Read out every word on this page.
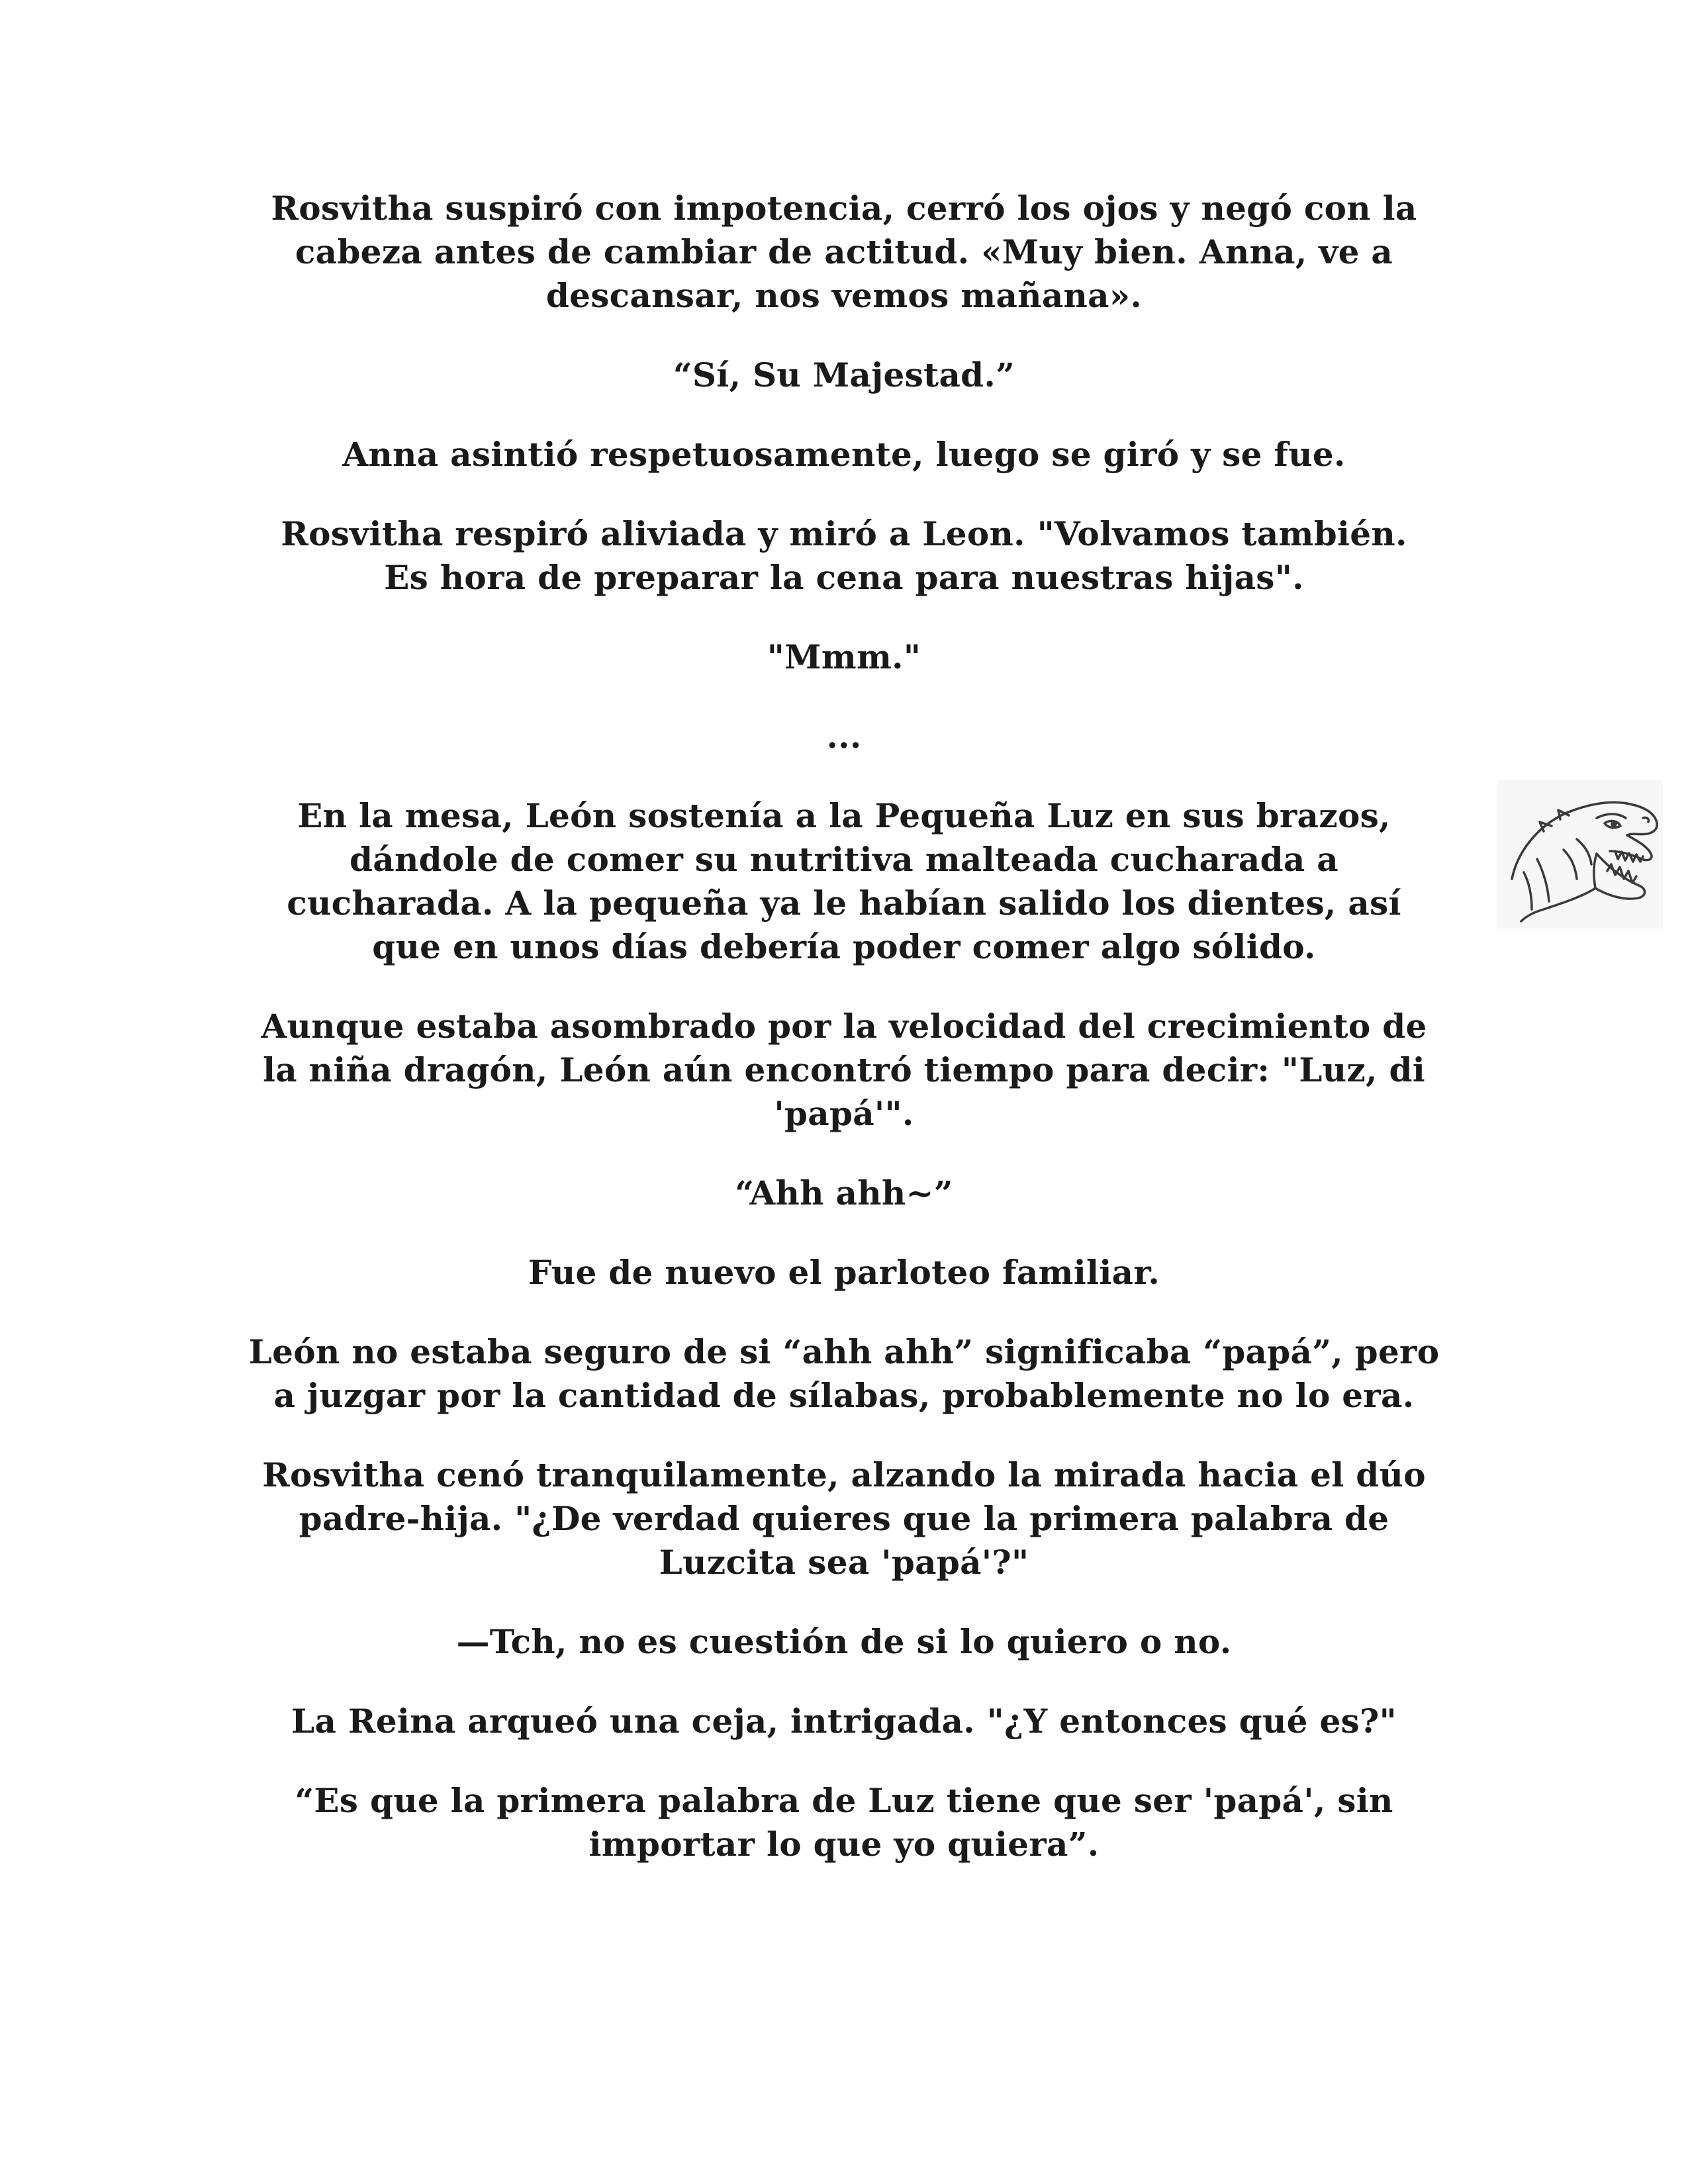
Rosvitha suspiró con impotencia, cerró los ojos y negó con la
cabeza antes de cambiar de actitud. «Muy bien. Anna, ve a
descansar, nos vemos mañana».

“Sí, Su Majestad.”

Anna asintió respetuosamente, luego se giró y se fue.

Rosvitha respiró aliviada y miró a Leon. "Volvamos también.
Es hora de preparar la cena para nuestras hijas".

"Mmm."

...

En la mesa, León sostenía a la Pequeña Luz en sus brazos,
dándole de comer su nutritiva malteada cucharada a
cucharada. A la pequeña ya le habían salido los dientes, así
que en unos días debería poder comer algo sólido.

Aunque estaba asombrado por la velocidad del crecimiento de
la niña dragón, León aún encontró tiempo para decir: "Luz, di
'papá'".

“Ahh ahh~”

Fue de nuevo el parloteo familiar.

León no estaba seguro de si “ahh ahh” significaba “papá”, pero
a juzgar por la cantidad de sílabas, probablemente no lo era.

Rosvitha cenó tranquilamente, alzando la mirada hacia el dúo
padre-hija. "¿De verdad quieres que la primera palabra de
Luzcita sea 'papá'?"

—Tch, no es cuestión de si lo quiero o no.

La Reina arqueó una ceja, intrigada. "¿Y entonces qué es?"

“Es que la primera palabra de Luz tiene que ser 'papá', sin
importar lo que yo quiera”.
